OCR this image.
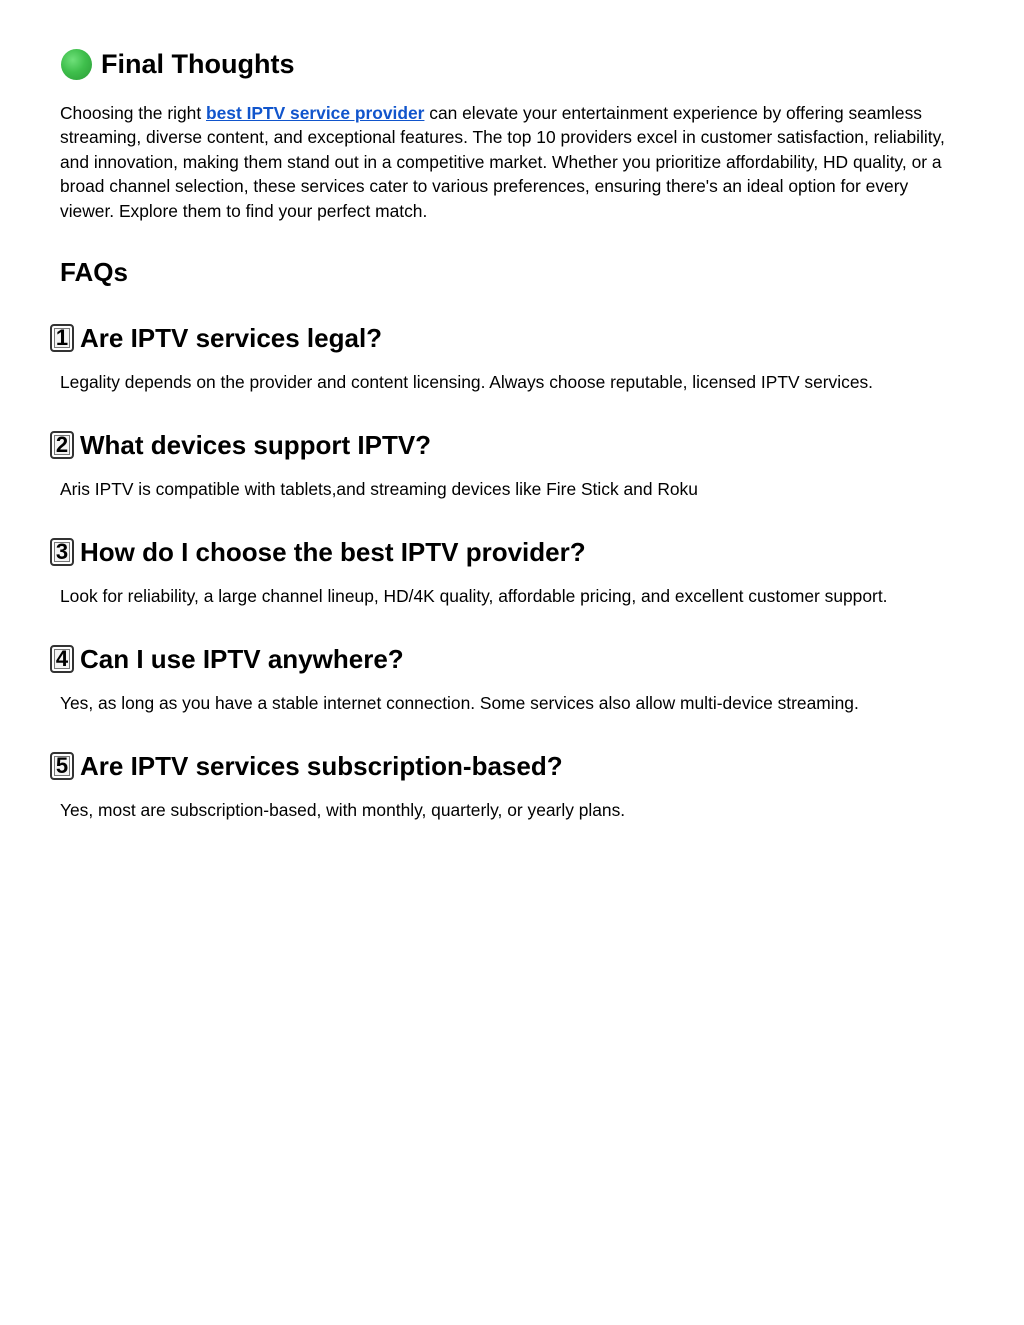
Final Thoughts

Choosing the right best IPTV service provider can elevate your entertainment experience by offering seamless streaming, diverse content, and exceptional features. The top 10 providers excel in customer satisfaction, reliability, and innovation, making them stand out in a competitive market. Whether you prioritize affordability, HD quality, or a broad channel selection, these services cater to various preferences, ensuring there's an ideal option for every viewer. Explore them to find your perfect match.

FAQs
1 Are IPTV services legal?

Legality depends on the provider and content licensing. Always choose reputable, licensed IPTV services.

2 What devices support IPTV?

Aris IPTV is compatible with tablets,and streaming devices like Fire Stick and Roku

3 How do I choose the best IPTV provider?

Look for reliability, a large channel lineup, HD/4K quality, affordable pricing, and excellent customer support.

4 Can I use IPTV anywhere?

Yes, as long as you have a stable internet connection. Some services also allow multi-device streaming.

5 Are IPTV services subscription-based?

Yes, most are subscription-based, with monthly, quarterly, or yearly plans.
